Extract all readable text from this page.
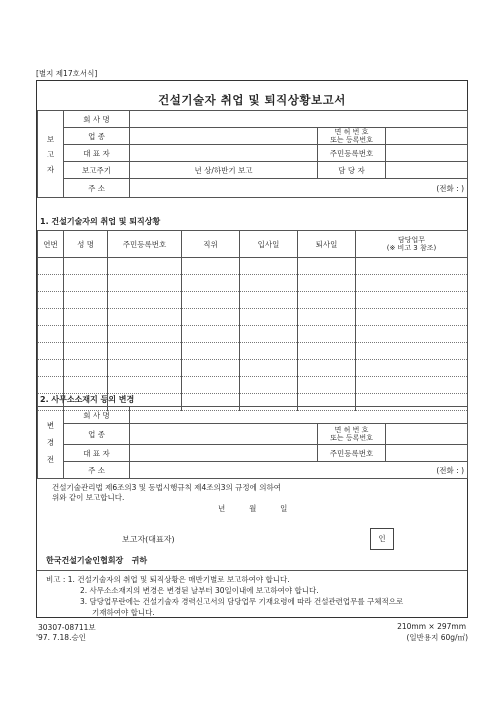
[별지 제17호서식]
건설기술자 취업 및 퇴직상황보고서
보
고
자	회 사 명			
	업 종		면 허 번 호
또는 등록번호	
	대 표 자		주민등록번호	
	보고주기	년 상/하반기 보고	담 당 자	
	주 소	(전화 : )		
1. 건설기술자의 취업 및 퇴직상황
연번	성 명	주민등록번호	직위	입사일	퇴사일	담당업무
(※ 비고 3 참조)

2. 사무소소재지 등의 변경
변
경
전	회 사 명			
	업 종		면 허 번 호
또는 등록번호	
	대 표 자		주민등록번호	
	주 소	(전화 : )		
건설기술관리법 제6조의3 및 동법시행규칙 제4조의3의 규정에 의하여
위와 같이 보고합니다.
년          월          일
보고자(대표자)	인
한국건설기술인협회장   귀하
비고 : 1. 건설기술자의 취업 및 퇴직상황은 매반기별로 보고하여야 합니다.
2. 사무소소재지의 변경은 변경된 날부터 30일이내에 보고하여야 합니다.
3. 담당업무란에는 건설기술자 경력신고서의 담당업무 기재요령에 따라 건설관련업무를 구체적으로
기재하여야 합니다.
30307-08711보
'97. 7.18.승인
210mm × 297mm
(일반용지 60g/㎡)
